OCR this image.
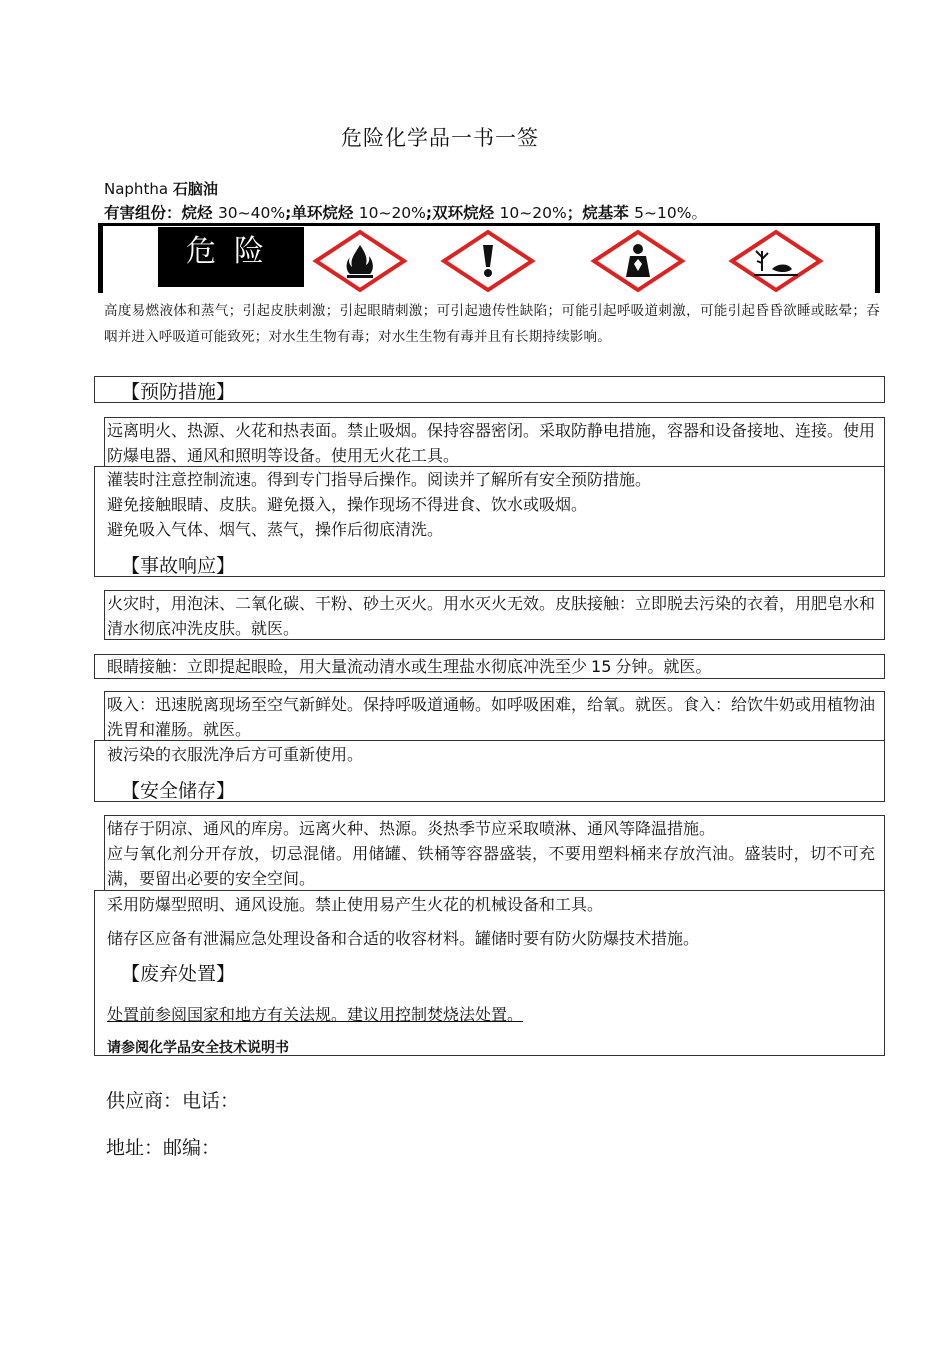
危险化学品一书一签
Naphtha 石脑油
有害组份：烷烃 30~40%;单环烷烃 10~20%;双环烷烃 10~20%；烷基苯 5~10%。
危险
高度易燃液体和蒸气；引起皮肤刺激；引起眼睛刺激；可引起遗传性缺陷；可能引起呼吸道刺激，可能引起昏昏欲睡或眩晕；吞咽并进入呼吸道可能致死；对水生生物有毒；对水生生物有毒并且有长期持续影响。
【预防措施】
远离明火、热源、火花和热表面。禁止吸烟。保持容器密闭。采取防静电措施，容器和设备接地、连接。使用防爆电器、通风和照明等设备。使用无火花工具。
灌装时注意控制流速。得到专门指导后操作。阅读并了解所有安全预防措施。
避免接触眼睛、皮肤。避免摄入，操作现场不得进食、饮水或吸烟。
避免吸入气体、烟气、蒸气，操作后彻底清洗。
【事故响应】
火灾时，用泡沫、二氧化碳、干粉、砂土灭火。用水灭火无效。皮肤接触：立即脱去污染的衣着，用肥皂水和清水彻底冲洗皮肤。就医。
眼睛接触：立即提起眼睑，用大量流动清水或生理盐水彻底冲洗至少 15 分钟。就医。
吸入：迅速脱离现场至空气新鲜处。保持呼吸道通畅。如呼吸困难，给氧。就医。食入：给饮牛奶或用植物油洗胃和灌肠。就医。
被污染的衣服洗净后方可重新使用。
【安全储存】
储存于阴凉、通风的库房。远离火种、热源。炎热季节应采取喷淋、通风等降温措施。
应与氧化剂分开存放，切忌混储。用储罐、铁桶等容器盛装，不要用塑料桶来存放汽油。盛装时，切不可充满，要留出必要的安全空间。
采用防爆型照明、通风设施。禁止使用易产生火花的机械设备和工具。
储存区应备有泄漏应急处理设备和合适的收容材料。罐储时要有防火防爆技术措施。
【废弃处置】
处置前参阅国家和地方有关法规。建议用控制焚烧法处置。
请参阅化学品安全技术说明书
供应商：电话：
地址：邮编：
